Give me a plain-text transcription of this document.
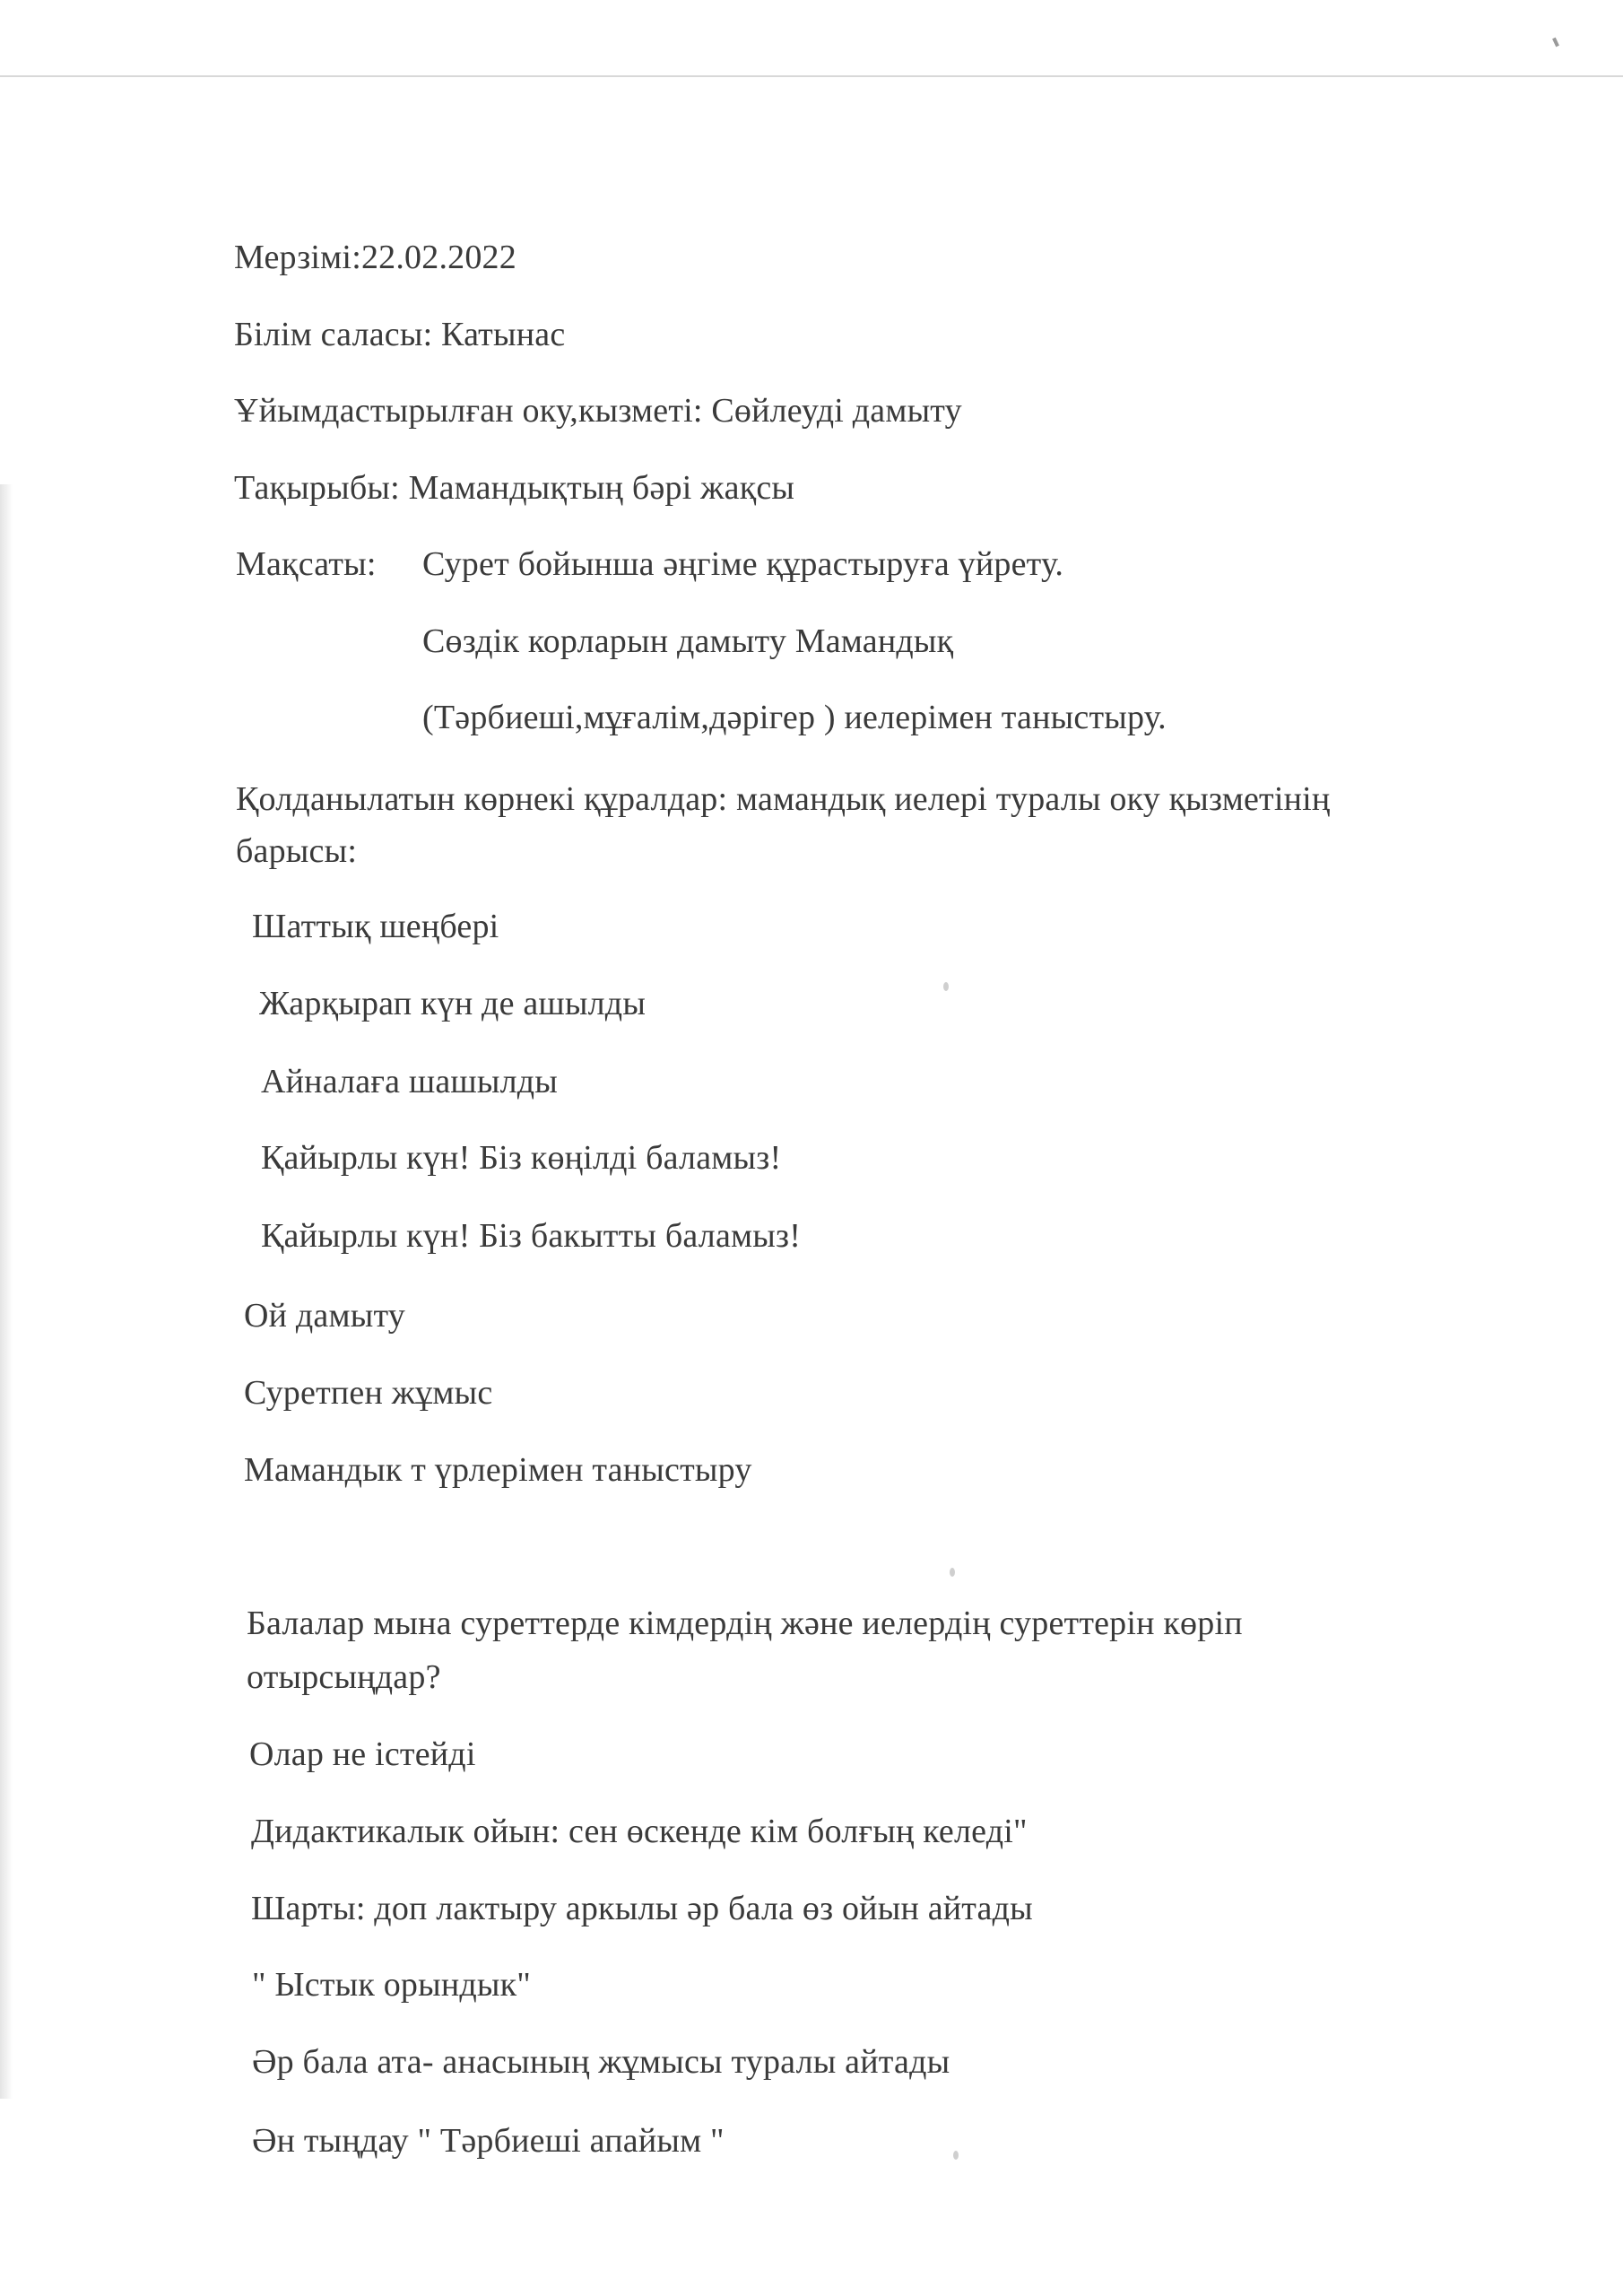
Мерзімі:22.02.2022
Білім саласы: Катынас
Ұйымдастырылған оку,кызметі: Сөйлеуді дамыту
Тақырыбы: Мамандықтың бәрі жақсы
Мақсаты: Сурет бойынша әңгіме құрастыруға үйрету.
Сөздік корларын дамыту Мамандық
(Тәрбиеші,мұғалім,дәрігер ) иелерімен таныстыру.
Қолданылатын көрнекі құралдар: мамандық иелері туралы оку қызметінің
барысы:
Шаттық шеңбері
Жарқырап күн де ашылды
Айналаға шашылды
Қайырлы күн! Біз көңілді баламыз!
Қайырлы күн! Біз бакытты баламыз!
Ой дамыту
Суретпен жұмыс
Мамандык т үрлерімен таныстыру
Балалар мына суреттерде кімдердің және иелердің суреттерін көріп
отырсыңдар?
Олар не істейді
Дидактикалык ойын: сен өскенде кім болғың келеді"
Шарты: доп лактыру аркылы әр бала өз ойын айтады
" Ыстык орындык"
Әр бала ата- анасының жұмысы туралы айтады
Ән тыңдау " Тәрбиеші апайым "
